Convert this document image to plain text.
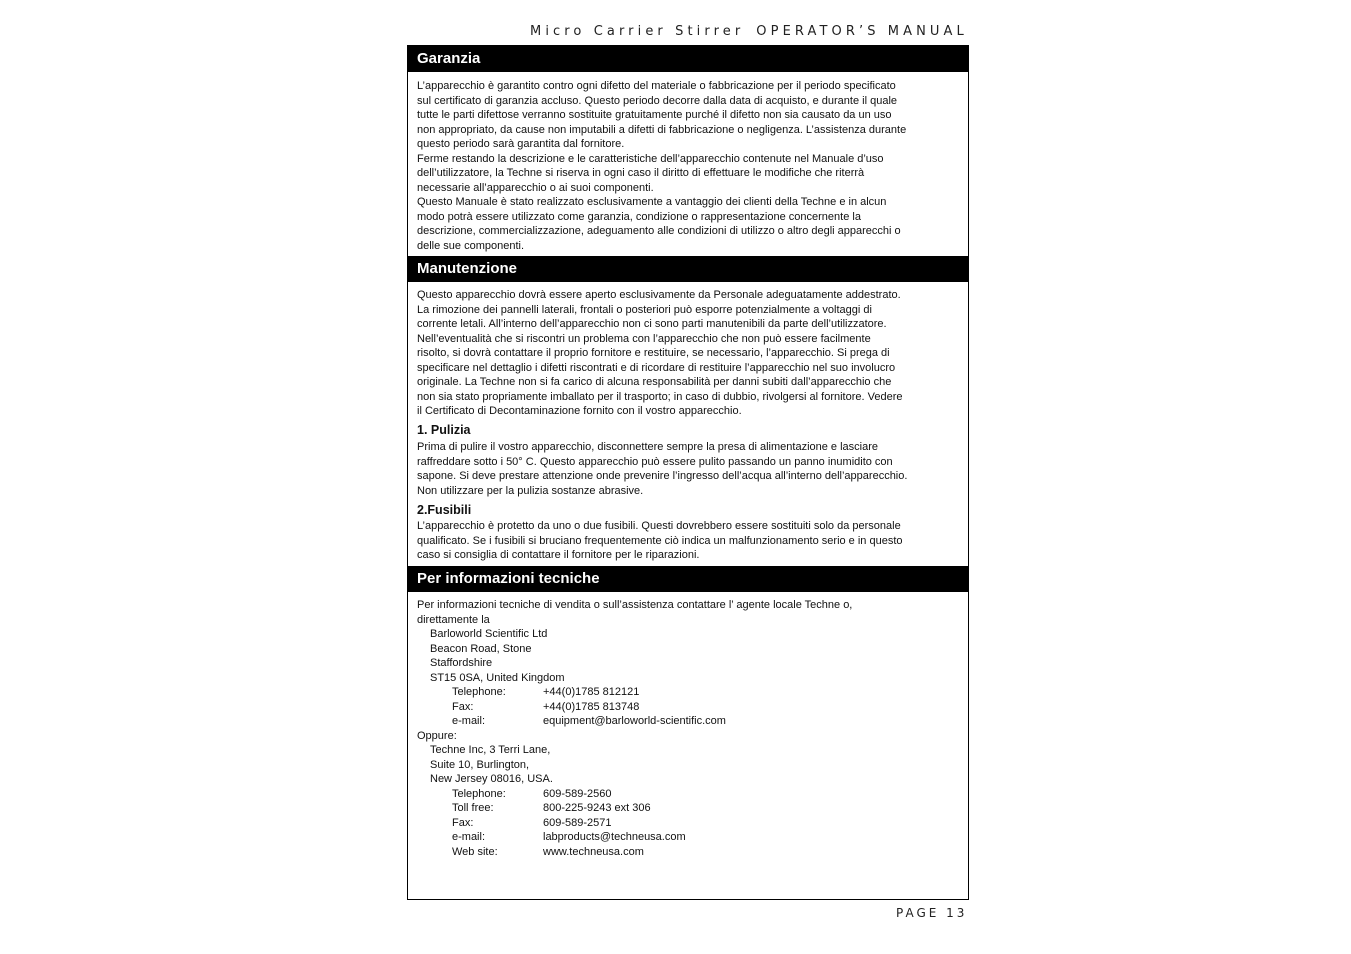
Micro Carrier Stirrer OPERATOR’S MANUAL
Garanzia
L’apparecchio è garantito contro ogni difetto del materiale o fabbricazione per il periodo specificato
sul certificato di garanzia accluso. Questo periodo decorre dalla data di acquisto, e durante il quale
tutte le parti difettose verranno sostituite gratuitamente purché il difetto non sia causato da un uso
non appropriato, da cause non imputabili a difetti di fabbricazione o negligenza. L’assistenza durante
questo periodo sarà garantita dal fornitore.
Ferme restando la descrizione e le caratteristiche dell’apparecchio contenute nel Manuale d’uso
dell’utilizzatore, la Techne si riserva in ogni caso il diritto di effettuare le modifiche che riterrà
necessarie all’apparecchio o ai suoi componenti.
Questo Manuale è stato realizzato esclusivamente a vantaggio dei clienti della Techne e in alcun
modo potrà essere utilizzato come garanzia, condizione o rappresentazione concernente la
descrizione, commercializzazione, adeguamento alle condizioni di utilizzo o altro degli apparecchi o
delle sue componenti.
Manutenzione
Questo apparecchio dovrà essere aperto esclusivamente da Personale adeguatamente addestrato.
La rimozione dei pannelli laterali, frontali o posteriori può esporre potenzialmente a voltaggi di
corrente letali. All’interno dell’apparecchio non ci sono parti manutenibili da parte dell’utilizzatore.
Nell’eventualità che si riscontri un problema con l’apparecchio che non può essere facilmente
risolto, si dovrà contattare il proprio fornitore e restituire, se necessario, l’apparecchio. Si prega di
specificare nel dettaglio i difetti riscontrati e di ricordare di restituire l’apparecchio nel suo involucro
originale. La Techne non si fa carico di alcuna responsabilità per danni subiti dall’apparecchio che
non sia stato propriamente imballato per il trasporto; in caso di dubbio, rivolgersi al fornitore. Vedere
il Certificato di Decontaminazione fornito con il vostro apparecchio.
1. Pulizia
Prima di pulire il vostro apparecchio, disconnettere sempre la presa di alimentazione e lasciare
raffreddare sotto i 50° C. Questo apparecchio può essere pulito passando un panno inumidito con
sapone. Si deve prestare attenzione onde prevenire l’ingresso dell’acqua all’interno dell’apparecchio.
Non utilizzare per la pulizia sostanze abrasive.
2.Fusibili
L’apparecchio è protetto da uno o due fusibili. Questi dovrebbero essere sostituiti solo da personale
qualificato. Se i fusibili si bruciano frequentemente ciò indica un malfunzionamento serio e in questo
caso si consiglia di contattare il fornitore per le riparazioni.
Per informazioni tecniche
Per informazioni tecniche di vendita o sull’assistenza contattare l’ agente locale Techne o,
direttamente la
Barloworld Scientific Ltd
Beacon Road, Stone
Staffordshire
ST15 0SA, United Kingdom
Telephone:	+44(0)1785 812121
Fax:	+44(0)1785 813748
e-mail:	equipment@barloworld-scientific.com
Oppure:
Techne Inc, 3 Terri Lane,
Suite 10, Burlington,
New Jersey 08016, USA.
Telephone:	609-589-2560
Toll free:	800-225-9243 ext 306
Fax:	609-589-2571
e-mail:	labproducts@techneusa.com
Web site:	www.techneusa.com
PAGE 13
